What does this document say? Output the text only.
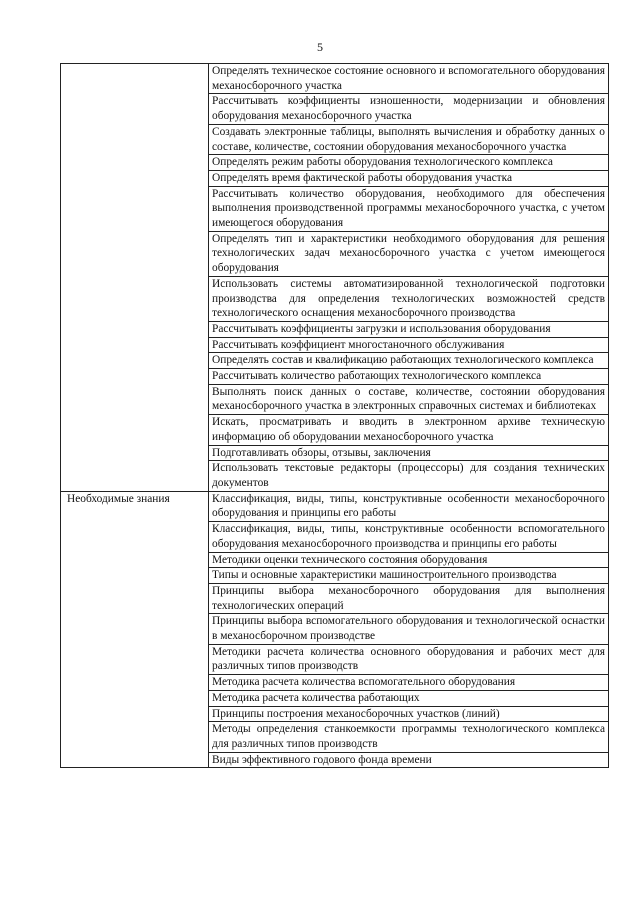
5
	Определять техническое состояние основного и вспомогательного оборудования механосборочного участка
	Рассчитывать коэффициенты изношенности, модернизации и обновления оборудования механосборочного участка
	Создавать электронные таблицы, выполнять вычисления и обработку данных о составе, количестве, состоянии оборудования механосборочного участка
	Определять режим работы оборудования технологического комплекса
	Определять время фактической работы оборудования участка
	Рассчитывать количество оборудования, необходимого для обеспечения выполнения производственной программы механосборочного участка, с учетом имеющегося оборудования
	Определять тип и характеристики необходимого оборудования для решения технологических задач механосборочного участка с учетом имеющегося оборудования
	Использовать системы автоматизированной технологической подготовки производства для определения технологических возможностей средств технологического оснащения механосборочного производства
	Рассчитывать коэффициенты загрузки и использования оборудования
	Рассчитывать коэффициент многостаночного обслуживания
	Определять состав и квалификацию работающих технологического комплекса
	Рассчитывать количество работающих технологического комплекса
	Выполнять поиск данных о составе, количестве, состоянии оборудования механосборочного участка в электронных справочных системах и библиотеках
	Искать, просматривать и вводить в электронном архиве техническую информацию об оборудовании механосборочного участка
	Подготавливать обзоры, отзывы, заключения
	Использовать текстовые редакторы (процессоры) для создания технических документов
Необходимые знания	Классификация, виды, типы, конструктивные особенности механосборочного оборудования и принципы его работы
	Классификация, виды, типы, конструктивные особенности вспомогательного оборудования механосборочного производства и принципы его работы
	Методики оценки технического состояния оборудования
	Типы и основные характеристики машиностроительного производства
	Принципы выбора механосборочного оборудования для выполнения технологических операций
	Принципы выбора вспомогательного оборудования и технологической оснастки в механосборочном производстве
	Методики расчета количества основного оборудования и рабочих мест для различных типов производств
	Методика расчета количества вспомогательного оборудования
	Методика расчета количества работающих
	Принципы построения механосборочных участков (линий)
	Методы определения станкоемкости программы технологического комплекса для различных типов производств
	Виды эффективного годового фонда времени
